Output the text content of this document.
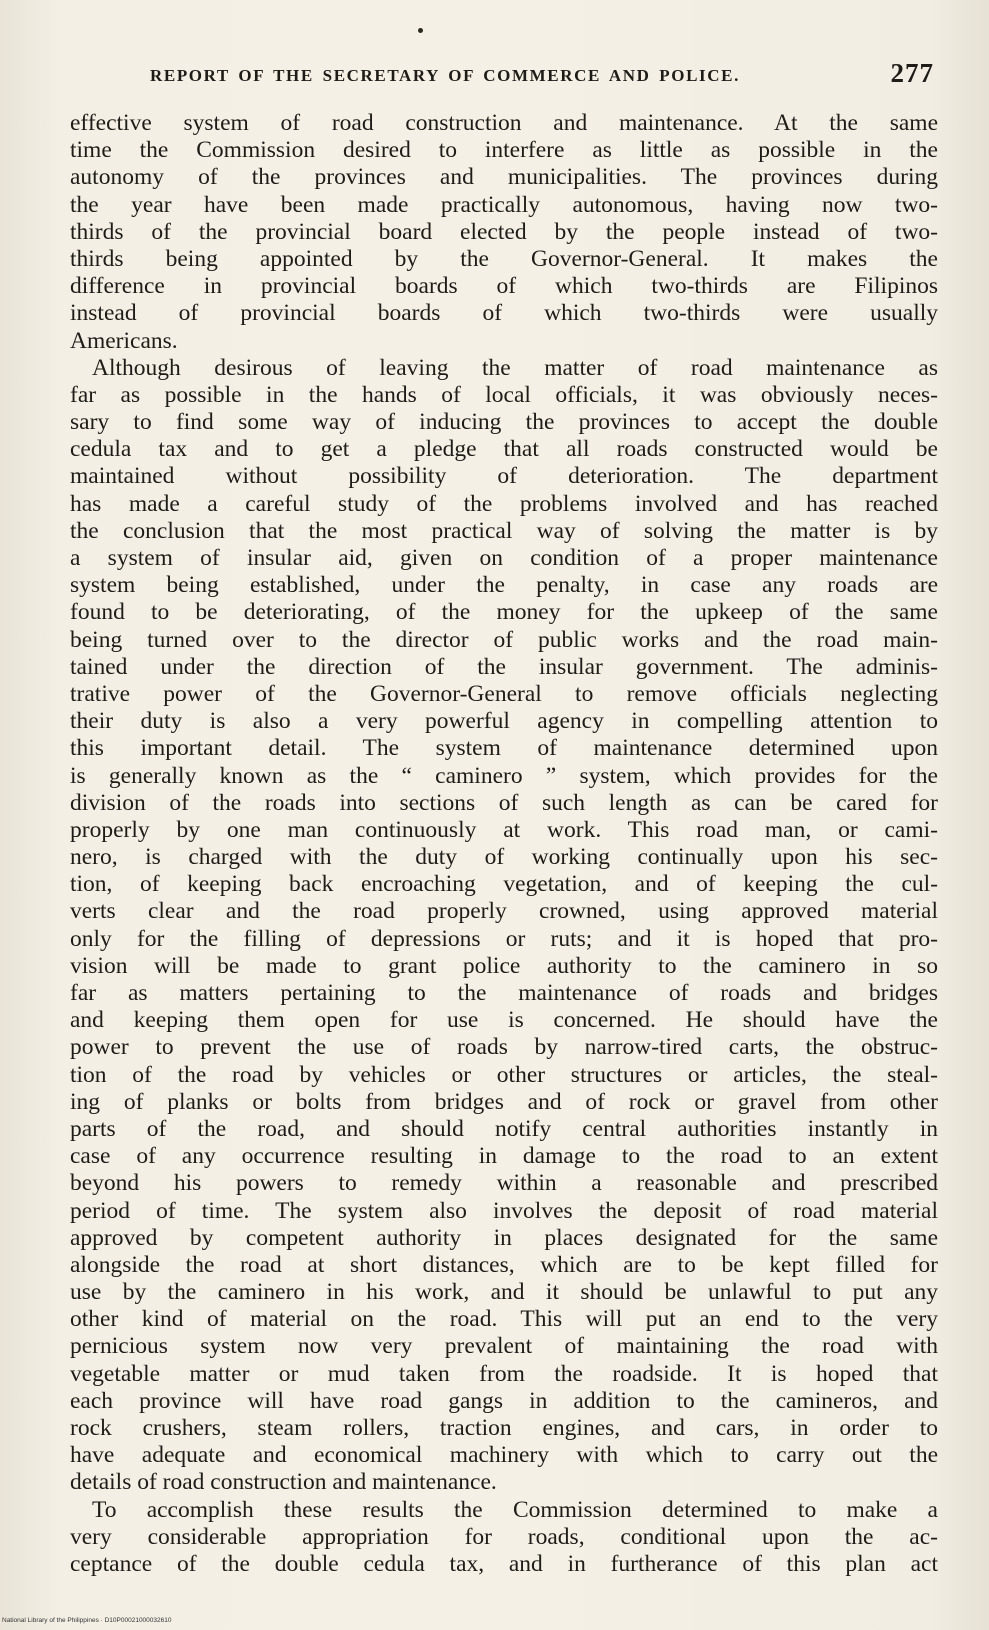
REPORT OF THE SECRETARY OF COMMERCE AND POLICE.	277
effective system of road construction and maintenance. At the same
time the Commission desired to interfere as little as possible in the
autonomy of the provinces and municipalities. The provinces during
the year have been made practically autonomous, having now two-
thirds of the provincial board elected by the people instead of two-
thirds being appointed by the Governor-General. It makes the
difference in provincial boards of which two-thirds are Filipinos
instead of provincial boards of which two-thirds were usually
Americans.
Although desirous of leaving the matter of road maintenance as
far as possible in the hands of local officials, it was obviously neces-
sary to find some way of inducing the provinces to accept the double
cedula tax and to get a pledge that all roads constructed would be
maintained without possibility of deterioration. The department
has made a careful study of the problems involved and has reached
the conclusion that the most practical way of solving the matter is by
a system of insular aid, given on condition of a proper maintenance
system being established, under the penalty, in case any roads are
found to be deteriorating, of the money for the upkeep of the same
being turned over to the director of public works and the road main-
tained under the direction of the insular government. The adminis-
trative power of the Governor-General to remove officials neglecting
their duty is also a very powerful agency in compelling attention to
this important detail. The system of maintenance determined upon
is generally known as the “ caminero ” system, which provides for the
division of the roads into sections of such length as can be cared for
properly by one man continuously at work. This road man, or cami-
nero, is charged with the duty of working continually upon his sec-
tion, of keeping back encroaching vegetation, and of keeping the cul-
verts clear and the road properly crowned, using approved material
only for the filling of depressions or ruts; and it is hoped that pro-
vision will be made to grant police authority to the caminero in so
far as matters pertaining to the maintenance of roads and bridges
and keeping them open for use is concerned. He should have the
power to prevent the use of roads by narrow-tired carts, the obstruc-
tion of the road by vehicles or other structures or articles, the steal-
ing of planks or bolts from bridges and of rock or gravel from other
parts of the road, and should notify central authorities instantly in
case of any occurrence resulting in damage to the road to an extent
beyond his powers to remedy within a reasonable and prescribed
period of time. The system also involves the deposit of road material
approved by competent authority in places designated for the same
alongside the road at short distances, which are to be kept filled for
use by the caminero in his work, and it should be unlawful to put any
other kind of material on the road. This will put an end to the very
pernicious system now very prevalent of maintaining the road with
vegetable matter or mud taken from the roadside. It is hoped that
each province will have road gangs in addition to the camineros, and
rock crushers, steam rollers, traction engines, and cars, in order to
have adequate and economical machinery with which to carry out the
details of road construction and maintenance.
To accomplish these results the Commission determined to make a
very considerable appropriation for roads, conditional upon the ac-
ceptance of the double cedula tax, and in furtherance of this plan act
National Library of the Philippines · D10P00021000032610
